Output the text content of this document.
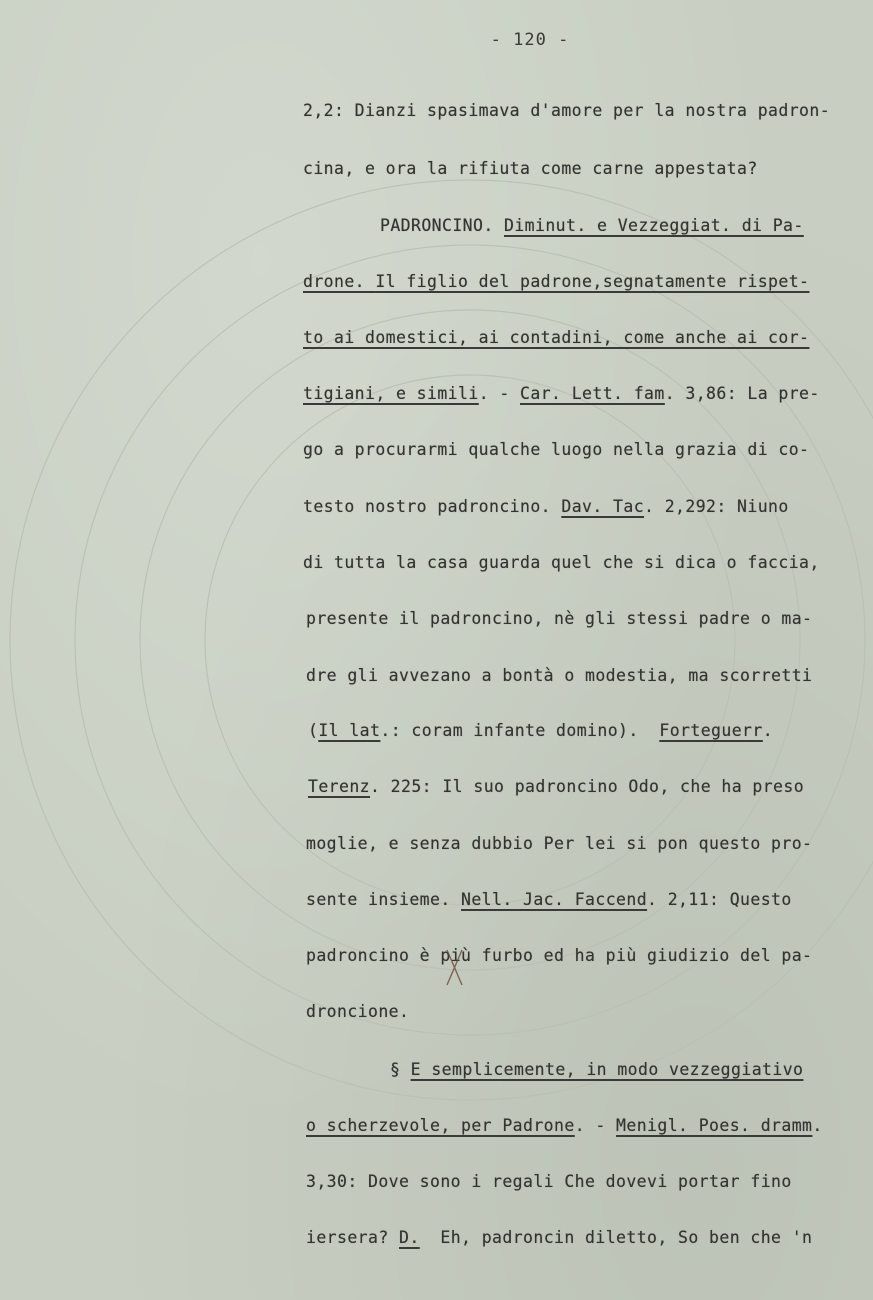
- 120 -
2,2: Dianzi spasimava d'amore per la nostra padron-
cina, e ora la rifiuta come carne appestata?
PADRONCINO. Diminut. e Vezzeggiat. di Pa-
drone. Il figlio del padrone,segnatamente rispet-
to ai domestici, ai contadini, come anche ai cor-
tigiani, e simili. - Car. Lett. fam. 3,86: La pre-
go a procurarmi qualche luogo nella grazia di co-
testo nostro padroncino. Dav. Tac. 2,292: Niuno
di tutta la casa guarda quel che si dica o faccia,
presente il padroncino, nè gli stessi padre o ma-
dre gli avvezano a bontà o modestia, ma scorretti
(Il lat.: coram infante domino).  Forteguerr.
Terenz. 225: Il suo padroncino Odo, che ha preso
moglie, e senza dubbio Per lei si pon questo pro-
sente insieme. Nell. Jac. Faccend. 2,11: Questo
padroncino è più furbo ed ha più giudizio del pa-
droncione.
§ E semplicemente, in modo vezzeggiativo
o scherzevole, per Padrone. - Menigl. Poes. dramm.
3,30: Dove sono i regali Che dovevi portar fino
iersera? D.  Eh, padroncin diletto, So ben che 'n
